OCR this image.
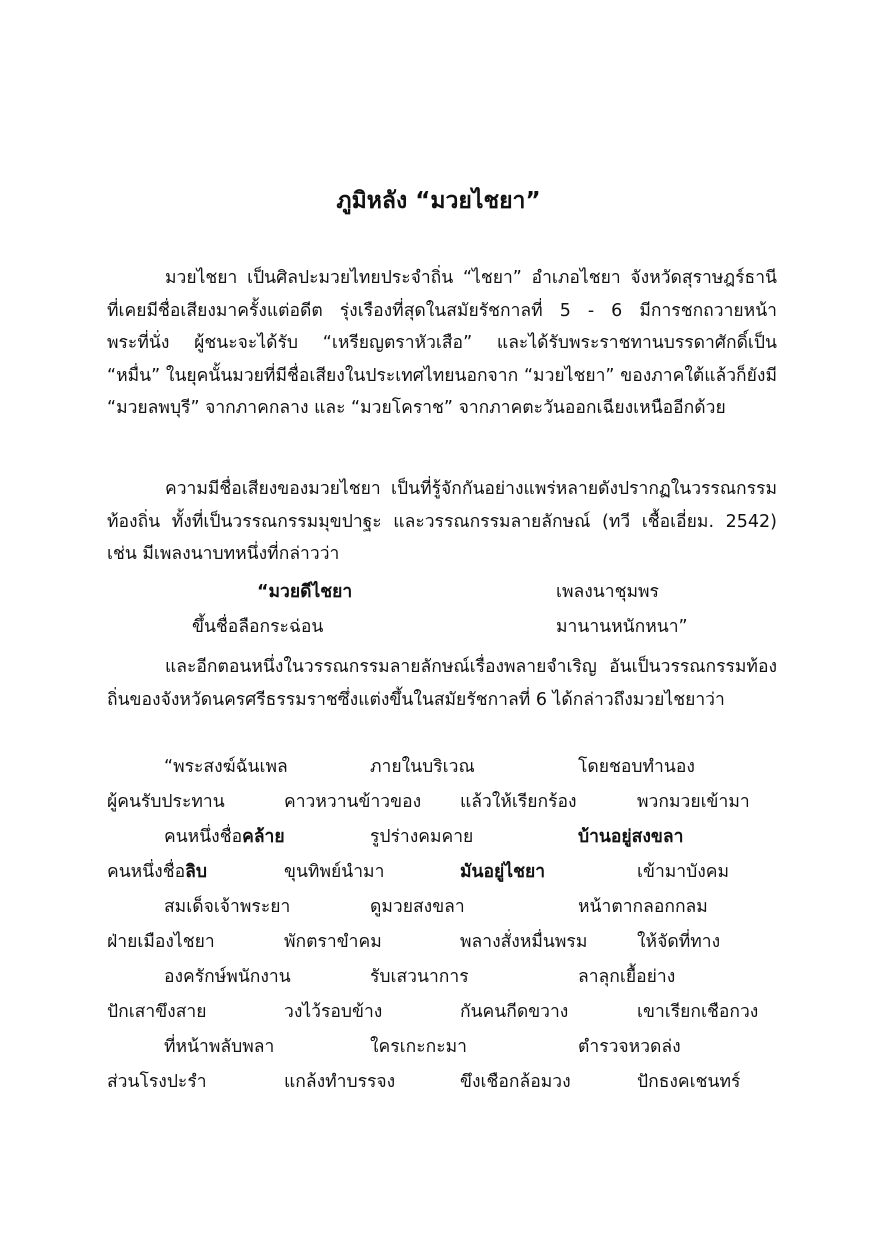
ภูมิหลัง “มวยไชยา”
มวยไชยา เป็นศิลปะมวยไทยประจำถิ่น “ไชยา” อำเภอไชยา จังหวัดสุราษฎร์ธานี ที่เคยมีชื่อเสียงมาครั้งแต่อดีต รุ่งเรืองที่สุดในสมัยรัชกาลที่ 5 - 6 มีการชกถวายหน้าพระที่นั่ง ผู้ชนะจะได้รับ “เหรียญตราหัวเสือ” และได้รับพระราชทานบรรดาศักดิ์เป็น “หมื่น” ในยุคนั้นมวยที่มีชื่อเสียงในประเทศไทยนอกจาก “มวยไชยา” ของภาคใต้แล้วก็ยังมี “มวยลพบุรี” จากภาคกลาง และ “มวยโคราช” จากภาคตะวันออกเฉียงเหนืออีกด้วย
ความมีชื่อเสียงของมวยไชยา เป็นที่รู้จักกันอย่างแพร่หลายดังปรากฏในวรรณกรรมท้องถิ่น ทั้งที่เป็นวรรณกรรมมุขปาฐะ และวรรณกรรมลายลักษณ์ (ทวี เชื้อเอี่ยม. 2542) เช่น มีเพลงนาบทหนึ่งที่กล่าวว่า
“มวยดีไชยา	เพลงนาชุมพร
ขึ้นชื่อลือกระฉ่อน	มานานหนักหนา”
และอีกตอนหนึ่งในวรรณกรรมลายลักษณ์เรื่องพลายจำเริญ อันเป็นวรรณกรรมท้องถิ่นของจังหวัดนครศรีธรรมราชซึ่งแต่งขึ้นในสมัยรัชกาลที่ 6 ได้กล่าวถึงมวยไชยาว่า
“พระสงฆ์ฉันเพล	ภายในบริเวณ	โดยชอบทำนอง
ผู้คนรับประทาน	คาวหวานข้าวของ แล้วให้เรียกร้อง	พวกมวยเข้ามา
คนหนึ่งชื่อคล้าย	รูปร่างคมคาย	บ้านอยู่สงขลา
คนหนึ่งชื่อลิบ	ขุนทิพย์นำมา	มันอยู่ไชยา	เข้ามาบังคม
สมเด็จเจ้าพระยา	ดูมวยสงขลา	หน้าตากลอกกลม
ฝ่ายเมืองไชยา	พักตราขำคม	พลางสั่งหมื่นพรม	ให้จัดที่ทาง
องครักษ์พนักงาน	รับเสวนาการ	ลาลุกเยื้อย่าง
ปักเสาขึงสาย	วงไว้รอบข้าง	กันคนกีดขวาง	เขาเรียกเชือกวง
ที่หน้าพลับพลา	ใครเกะกะมา	ตำรวจหวดล่ง
ส่วนโรงปะรำ	แกล้งทำบรรจง	ขึงเชือกล้อมวง	ปักธงคเชนทร์
